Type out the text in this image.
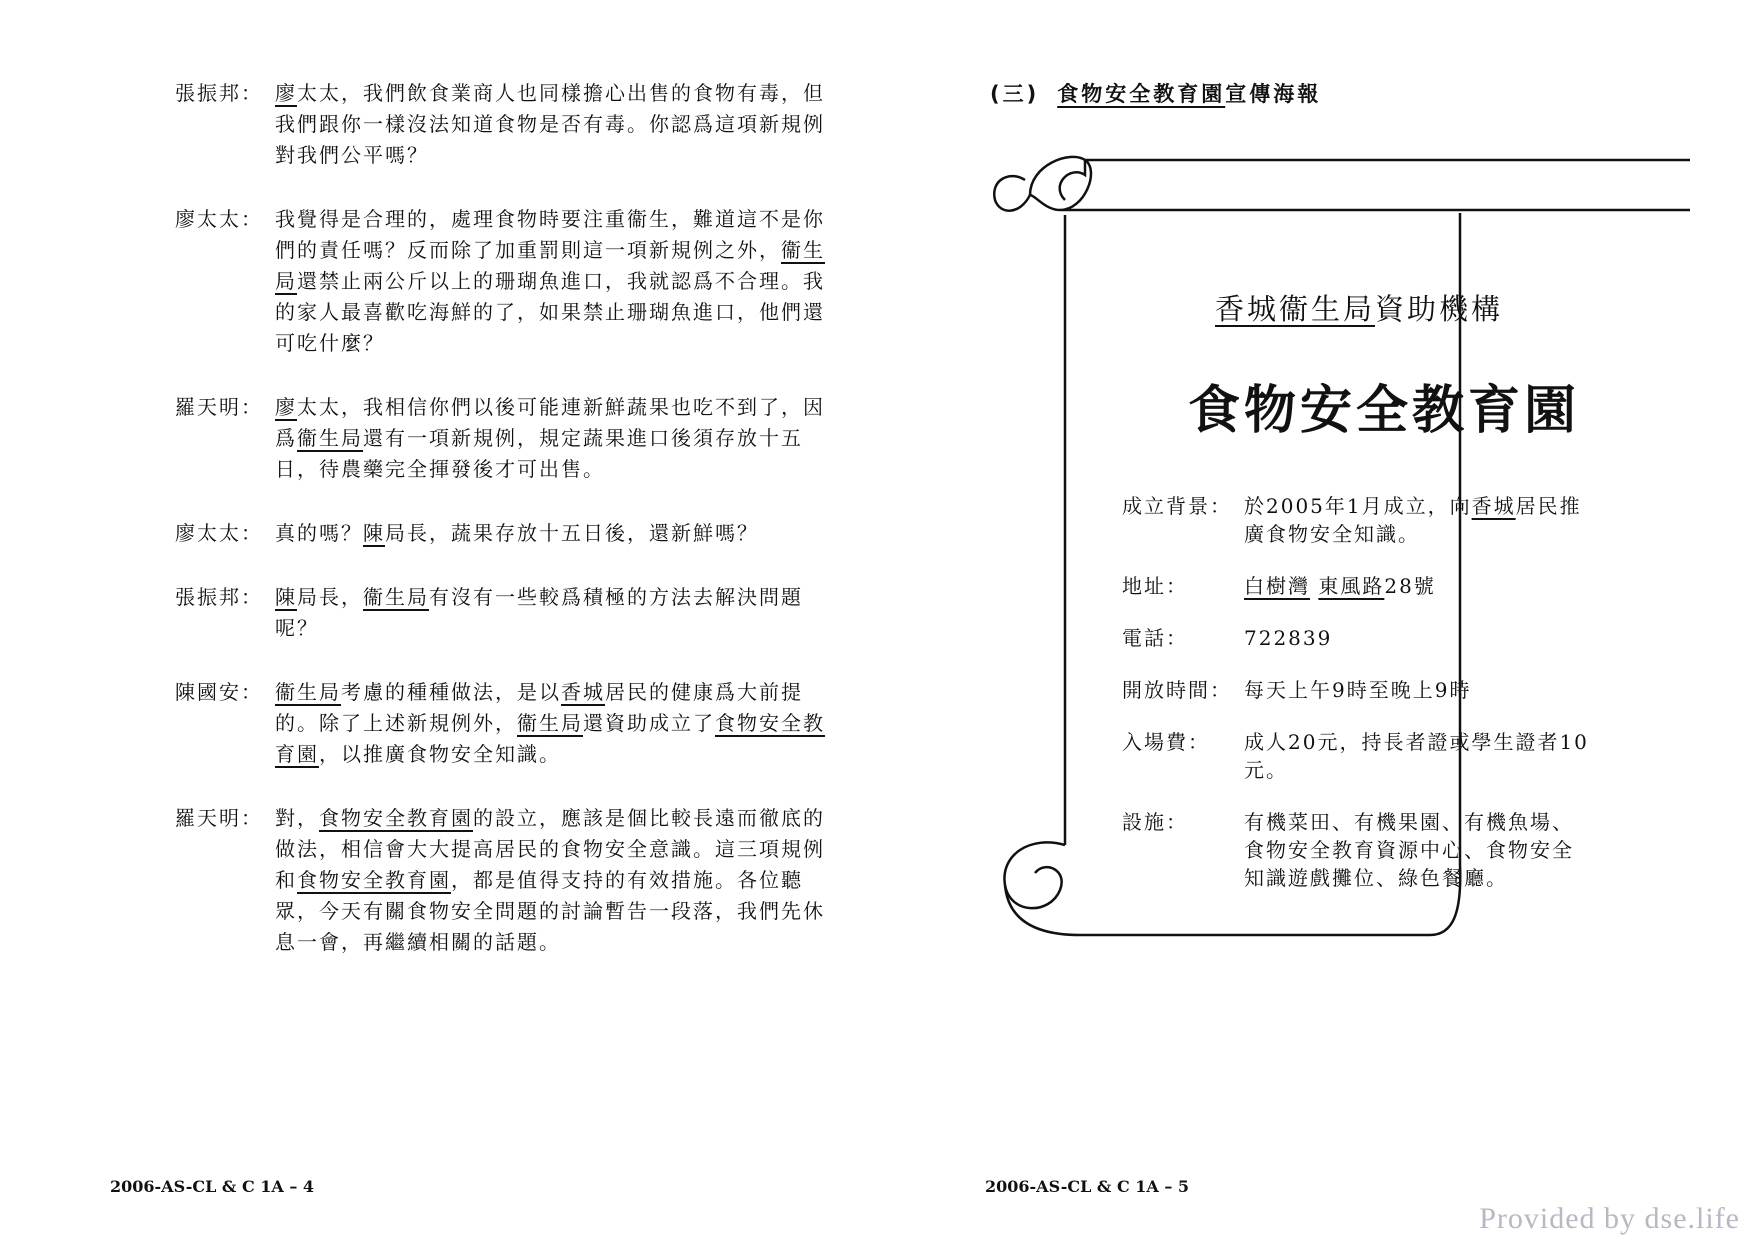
張振邦： 廖太太，我們飲食業商人也同樣擔心出售的食物有毒，但我們跟你一樣沒法知道食物是否有毒。你認爲這項新規例對我們公平嗎？
廖太太： 我覺得是合理的，處理食物時要注重衞生，難道這不是你們的責任嗎？反而除了加重罰則這一項新規例之外，衞生局還禁止兩公斤以上的珊瑚魚進口，我就認爲不合理。我的家人最喜歡吃海鮮的了，如果禁止珊瑚魚進口，他們還可吃什麼？
羅天明： 廖太太，我相信你們以後可能連新鮮蔬果也吃不到了，因爲衞生局還有一項新規例，規定蔬果進口後須存放十五日，待農藥完全揮發後才可出售。
廖太太： 真的嗎？陳局長，蔬果存放十五日後，還新鮮嗎？
張振邦： 陳局長，衞生局有沒有一些較爲積極的方法去解決問題呢？
陳國安： 衞生局考慮的種種做法，是以香城居民的健康爲大前提的。除了上述新規例外，衞生局還資助成立了食物安全教育園，以推廣食物安全知識。
羅天明： 對，食物安全教育園的設立，應該是個比較長遠而徹底的做法，相信會大大提高居民的食物安全意識。這三項規例和食物安全教育園，都是值得支持的有效措施。各位聽眾，今天有關食物安全問題的討論暫告一段落，我們先休息一會，再繼續相關的話題。
2006-AS-CL & C 1A – 4
(三) 食物安全教育園宣傳海報
香城衞生局資助機構
食物安全教育園
成立背景： 於2005年1月成立，向香城居民推廣食物安全知識。
地址：	白樹灣 東風路28號
電話：	722839
開放時間： 每天上午9時至晚上9時
入場費：	成人20元，持長者證或學生證者10元。
設施：	有機菜田、有機果園、有機魚場、食物安全教育資源中心、食物安全知識遊戲攤位、綠色餐廳。
2006-AS-CL & C 1A – 5
Provided by dse.life
